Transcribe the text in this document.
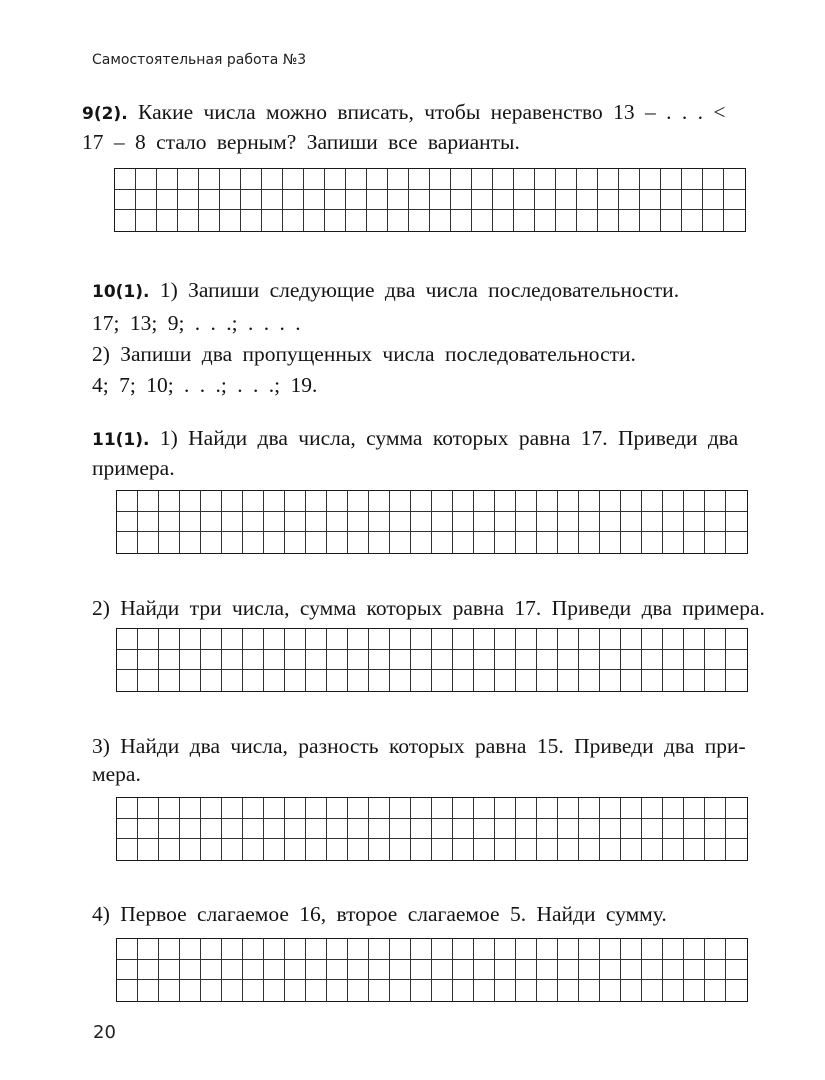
Самостоятельная работа №3
9(2). Какие числа можно вписать, чтобы неравенство 13 – . . . <
17 – 8 стало верным? Запиши все варианты.
10(1). 1) Запиши следующие два числа последовательности.
17; 13; 9; . . .; . . . .
2) Запиши два пропущенных числа последовательности.
4; 7; 10; . . .; . . .; 19.
11(1). 1) Найди два числа, сумма которых равна 17. Приведи два
примера.
2) Найди три числа, сумма которых равна 17. Приведи два примера.
3) Найди два числа, разность которых равна 15. Приведи два при-
мера.
4) Первое слагаемое 16, второе слагаемое 5. Найди сумму.
20
